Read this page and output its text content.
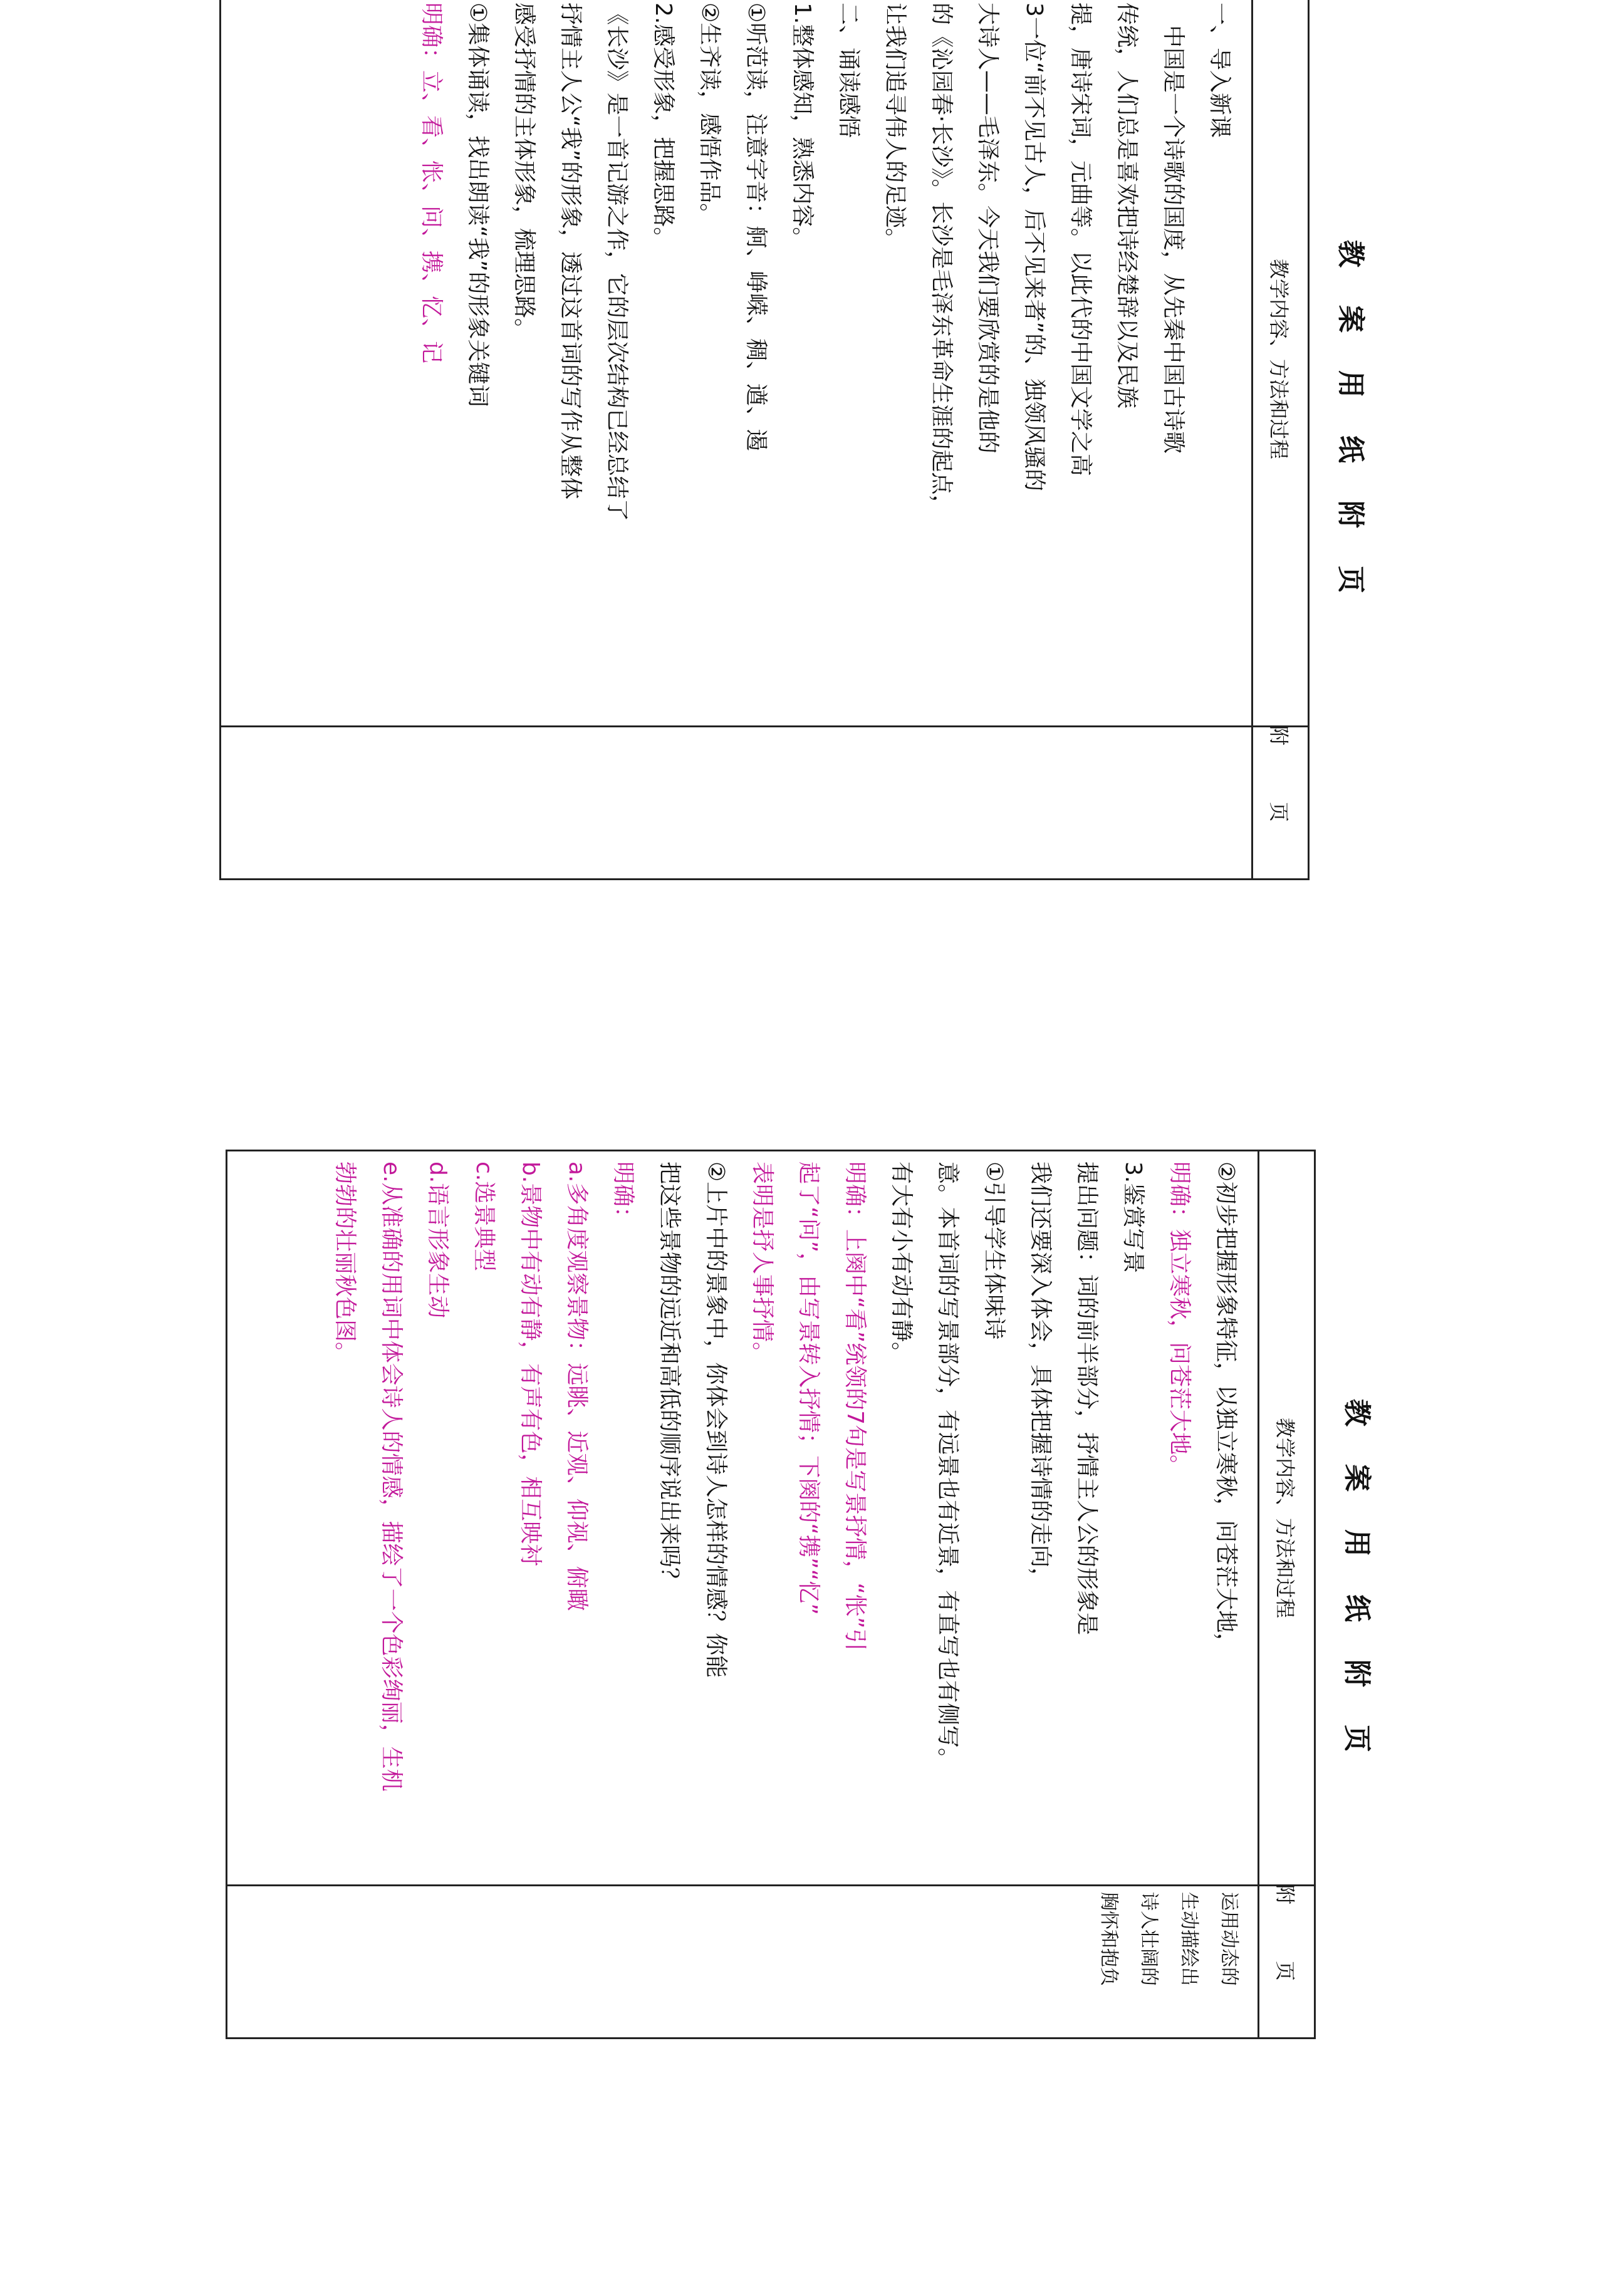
教案用纸附页
教学内容、方法和过程
附页
一、导入新课
　中国是一个诗歌的国度，从先秦中国古诗歌
传统，人们总是喜欢把诗经楚辞以及民族
提，唐诗宋词，元曲等。以此代的中国文学之高
3一位“前不见古人，后不见来者”的、独领风骚的
大诗人——毛泽东。今天我们要欣赏的是他的
的《沁园春·长沙》。长沙是毛泽东革命生涯的起点，
让我们追寻伟人的足迹。
二、诵读感悟
1.整体感知，熟悉内容。
①听范读，注意字音：舸、峥嵘、稠、遒、遏
②生齐读，感悟作品。
2.感受形象，把握思路。
《长沙》是一首记游之作，它的层次结构已经总结了
抒情主人公“我”的形象，透过这首词的写作从整体
感受抒情的主体形象，梳理思路。
①集体诵读，找出朗读“我”的形象关键词
明确：立、看、怅、问、携、忆、记
教案用纸附页
教学内容、方法和过程
附页
②初步把握形象特征，以独立寒秋，问苍茫大地，
明确：独立寒秋，问苍茫大地。
3.鉴赏写景
提出问题：词的前半部分，抒情主人公的形象是
我们还要深入体会，具体把握诗情的走向，
①引导学生体味诗
意。本首词的写景部分，有远景也有近景，有直写也有侧写。
有大有小有动有静。
明确：上阕中“看”统领的7句是写景抒情，“怅”引
起了“问”，由写景转入抒情；下阕的“携”“忆”
表明是抒人事抒情。
②上片中的景象中，你体会到诗人怎样的情感？你能
把这些景物的远近和高低的顺序说出来吗？
明确：
a.多角度观察景物：远眺、近观、仰视、俯瞰
b.景物中有动有静，有声有色，相互映衬
c.选景典型
d.语言形象生动
e.从准确的用词中体会诗人的情感，描绘了一个色彩绚丽，生机
勃勃的壮丽秋色图。
运用动态的
生动描绘出
诗人壮阔的
胸怀和抱负
